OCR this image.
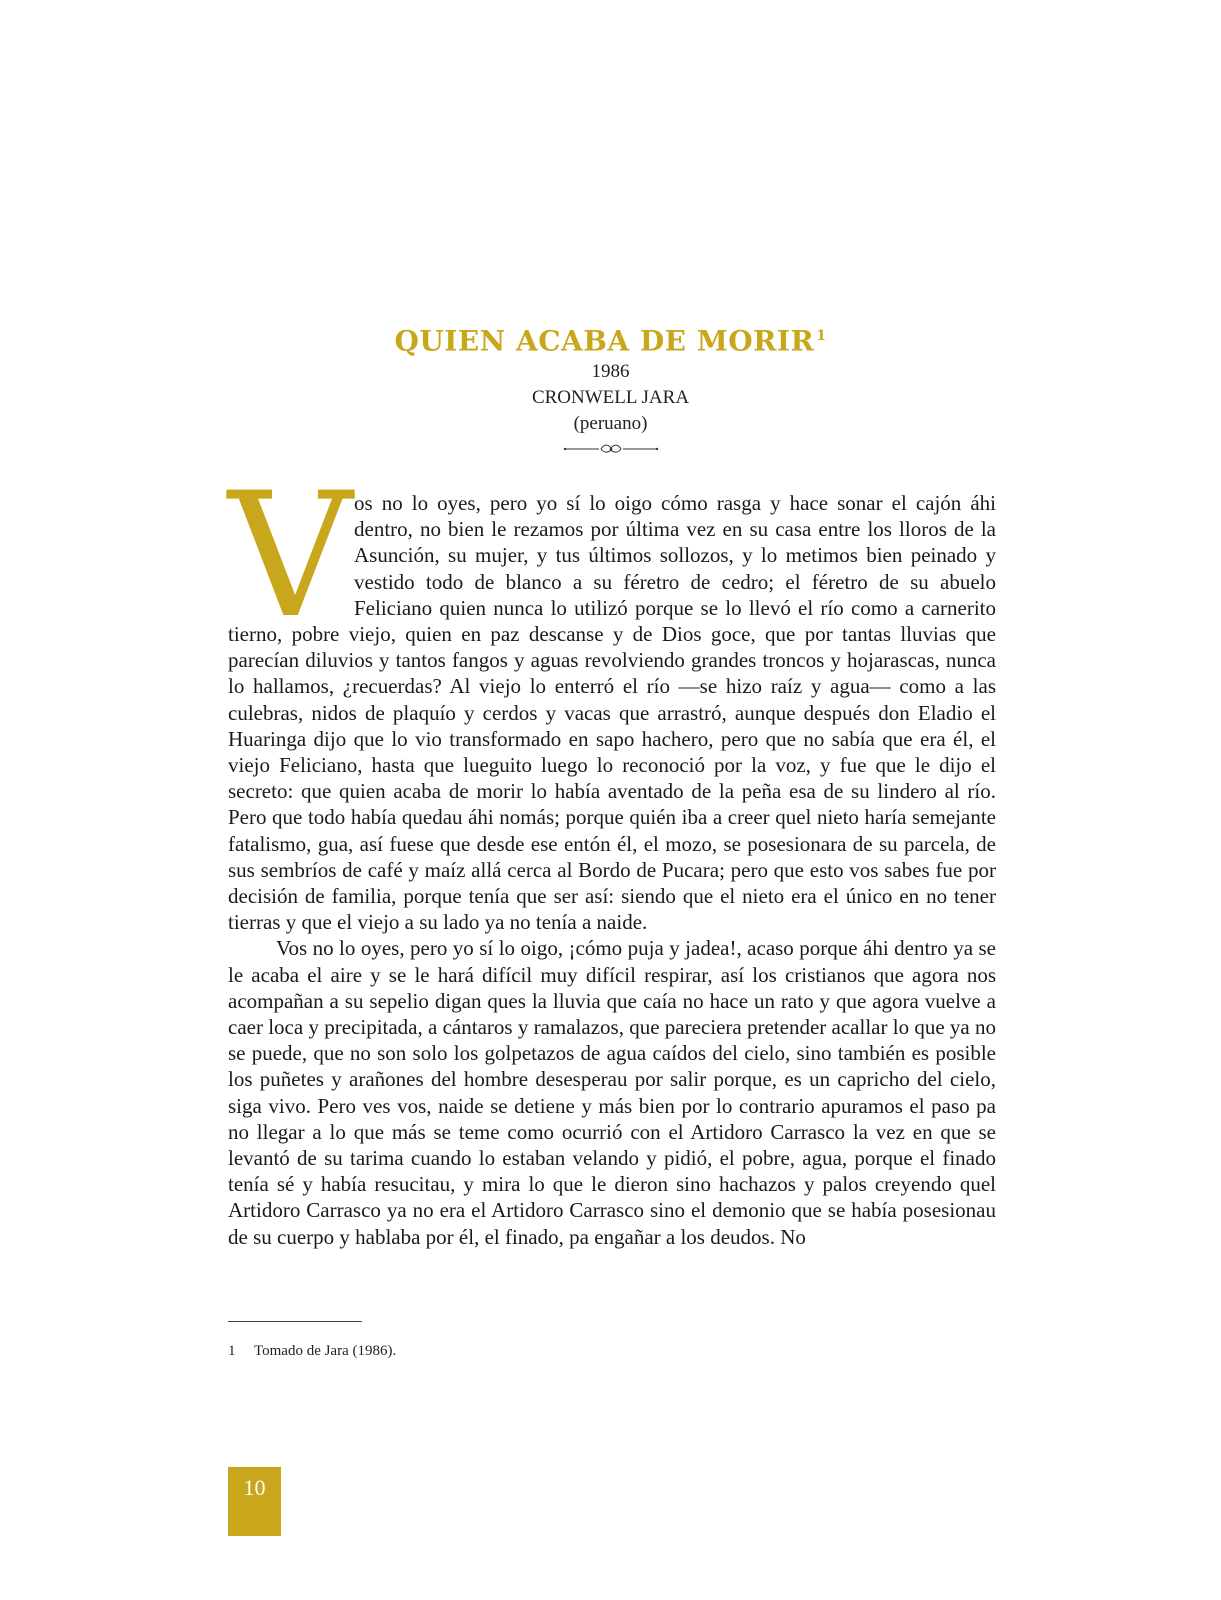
QUIEN ACABA DE MORIR $^1$

1986

CRONWELL JARA

(peruano)

V os no lo oyes, pero yo sí lo oigo cómo rasga y hace sonar el cajón áhi dentro, no bien le rezamos por última vez en su casa entre los lloros de la Asunción, su mujer, y tus últimos sollozos, y lo metimos bien peinado y vestido todo de blanco a su féretro de cedro; el féretro de su abuelo Feliciano quien nunca lo utilizó porque se lo llevó el río como a carnerito tierno, pobre viejo, quien en paz descanse y de Dios goce, que por tantas lluvias que parecían diluvios y tantos fangos y aguas revolviendo grandes troncos y hojarascas, nunca lo hallamos, ¿recuerdas? Al viejo lo enterró el río —se hizo raíz y agua— como a las culebras, nidos de plaquío y cerdos y vacas que arrastró, aunque después don Eladio el Huaringa dijo que lo vio transformado en sapo hachero, pero que no sabía que era él, el viejo Feliciano, hasta que lueguito luego lo reconoció por la voz, y fue que le dijo el secreto: que quien acaba de morir lo había aventado de la peña esa de su lindero al río. Pero que todo había quedau áhi nomás; porque quién iba a creer quel nieto haría semejante fatalismo, gua, así fuese que desde ese entón él, el mozo, se posesionara de su parcela, de sus sembríos de café y maíz allá cerca al Bordo de Pucara; pero que esto vos sabes fue por decisión de familia, porque tenía que ser así: siendo que el nieto era el único en no tener tierras y que el viejo a su lado ya no tenía a naide.

Vos no lo oyes, pero yo sí lo oigo, ¡cómo puja y jadea!, acaso porque áhi dentro ya se le acaba el aire y se le hará difícil muy difícil respirar, así los cristianos que agora nos acompañan a su sepelio digan ques la lluvia que caía no hace un rato y que agora vuelve a caer loca y precipitada, a cántaros y ramalazos, que pareciera pretender acallar lo que ya no se puede, que no son solo los golpetazos de agua caídos del cielo, sino también es posible los puñetes y arañones del hombre desesperau por salir porque, es un capricho del cielo, siga vivo. Pero ves vos, naide se detiene y más bien por lo contrario apuramos el paso pa no llegar a lo que más se teme como ocurrió con el Artidoro Carrasco la vez en que se levantó de su tarima cuando lo estaban velando y pidió, el pobre, agua, porque el finado tenía sé y había resucitau, y mira lo que le dieron sino hachazos y palos creyendo quel Artidoro Carrasco ya no era el Artidoro Carrasco sino el demonio que se había posesionau de su cuerpo y hablaba por él, el finado, pa engañar a los deudos. No

1 Tomado de Jara (1986).
10
